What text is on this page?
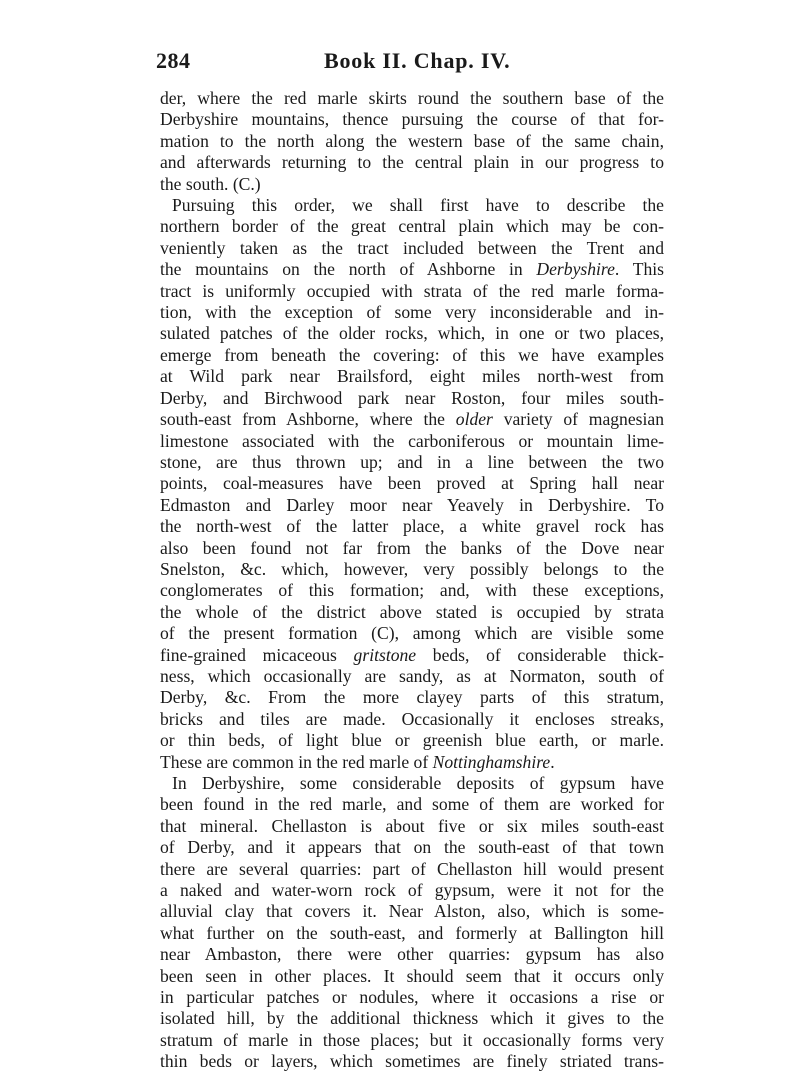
284	Book II. Chap. IV.
der, where the red marle skirts round the southern base of the
Derbyshire mountains, thence pursuing the course of that for-
mation to the north along the western base of the same chain,
and afterwards returning to the central plain in our progress to
the south. (C.)
Pursuing this order, we shall first have to describe the
northern border of the great central plain which may be con-
veniently taken as the tract included between the Trent and
the mountains on the north of Ashborne in Derbyshire. This
tract is uniformly occupied with strata of the red marle forma-
tion, with the exception of some very inconsiderable and in-
sulated patches of the older rocks, which, in one or two places,
emerge from beneath the covering: of this we have examples
at Wild park near Brailsford, eight miles north-west from
Derby, and Birchwood park near Roston, four miles south-
south-east from Ashborne, where the older variety of magnesian
limestone associated with the carboniferous or mountain lime-
stone, are thus thrown up; and in a line between the two
points, coal-measures have been proved at Spring hall near
Edmaston and Darley moor near Yeavely in Derbyshire. To
the north-west of the latter place, a white gravel rock has
also been found not far from the banks of the Dove near
Snelston, &c. which, however, very possibly belongs to the
conglomerates of this formation; and, with these exceptions,
the whole of the district above stated is occupied by strata
of the present formation (C), among which are visible some
fine-grained micaceous gritstone beds, of considerable thick-
ness, which occasionally are sandy, as at Normaton, south of
Derby, &c. From the more clayey parts of this stratum,
bricks and tiles are made. Occasionally it encloses streaks,
or thin beds, of light blue or greenish blue earth, or marle.
These are common in the red marle of Nottinghamshire.
In Derbyshire, some considerable deposits of gypsum have
been found in the red marle, and some of them are worked for
that mineral. Chellaston is about five or six miles south-east
of Derby, and it appears that on the south-east of that town
there are several quarries: part of Chellaston hill would present
a naked and water-worn rock of gypsum, were it not for the
alluvial clay that covers it. Near Alston, also, which is some-
what further on the south-east, and formerly at Ballington hill
near Ambaston, there were other quarries: gypsum has also
been seen in other places. It should seem that it occurs only
in particular patches or nodules, where it occasions a rise or
isolated hill, by the additional thickness which it gives to the
stratum of marle in those places; but it occasionally forms very
thin beds or layers, which sometimes are finely striated trans-
